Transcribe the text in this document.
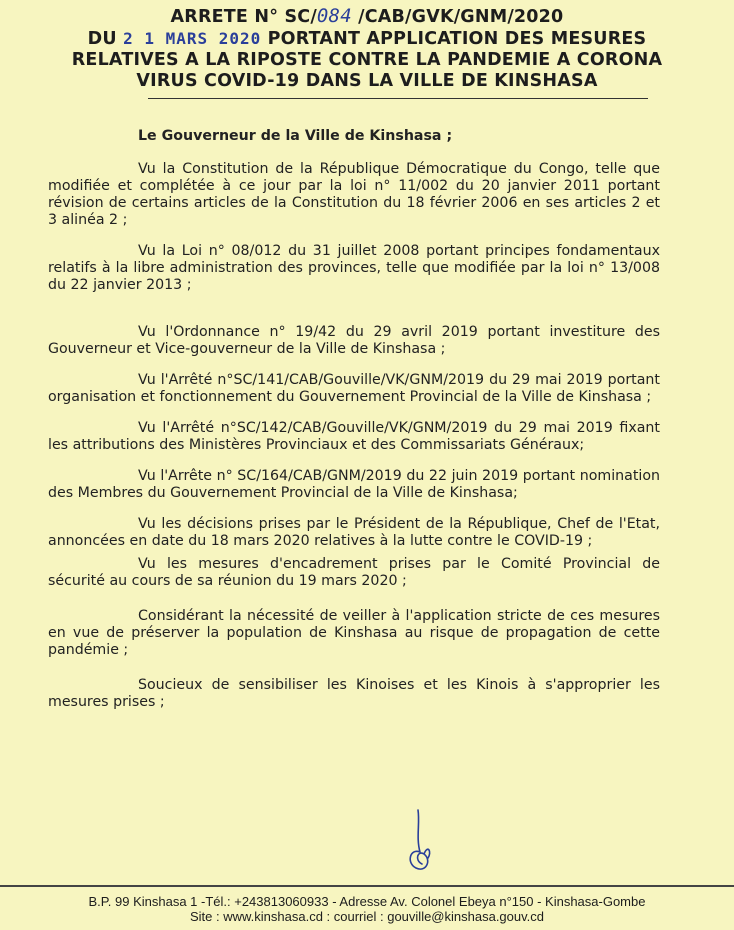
ARRETE N° SC/084 /CAB/GVK/GNM/2020
DU 2 1 MARS 2020 PORTANT APPLICATION DES MESURES
RELATIVES A LA RIPOSTE CONTRE LA PANDEMIE A CORONA
VIRUS COVID-19 DANS LA VILLE DE KINSHASA

Le Gouverneur de la Ville de Kinshasa ;

Vu la Constitution de la République Démocratique du Congo, telle que modifiée et complétée à ce jour par la loi n° 11/002 du 20 janvier 2011 portant révision de certains articles de la Constitution du 18 février 2006 en ses articles 2 et 3 alinéa 2 ;

Vu la Loi n° 08/012 du 31 juillet 2008 portant principes fondamentaux relatifs à la libre administration des provinces, telle que modifiée par la loi n° 13/008 du 22 janvier 2013 ;

Vu l'Ordonnance n° 19/42 du 29 avril 2019 portant investiture des Gouverneur et Vice-gouverneur de la Ville de Kinshasa ;

Vu l'Arrêté n°SC/141/CAB/Gouville/VK/GNM/2019 du 29 mai 2019 portant organisation et fonctionnement du Gouvernement Provincial de la Ville de Kinshasa ;

Vu l'Arrêté n°SC/142/CAB/Gouville/VK/GNM/2019 du 29 mai 2019 fixant les attributions des Ministères Provinciaux et des Commissariats Généraux;

Vu l'Arrête n° SC/164/CAB/GNM/2019 du 22 juin 2019 portant nomination des Membres du Gouvernement Provincial de la Ville de Kinshasa;

Vu les décisions prises par le Président de la République, Chef de l'Etat, annoncées en date du 18 mars 2020 relatives à la lutte contre le COVID-19 ;

Vu les mesures d'encadrement prises par le Comité Provincial de sécurité au cours de sa réunion du 19 mars 2020 ;

Considérant la nécessité de veiller à l'application stricte de ces mesures en vue de préserver la population de Kinshasa au risque de propagation de cette pandémie ;

Soucieux de sensibiliser les Kinoises et les Kinois à s'approprier les mesures prises ;

B.P. 99 Kinshasa 1 -Tél.: +243813060933 - Adresse Av. Colonel Ebeya n°150 - Kinshasa-Gombe
Site : www.kinshasa.cd : courriel : gouville@kinshasa.gouv.cd
